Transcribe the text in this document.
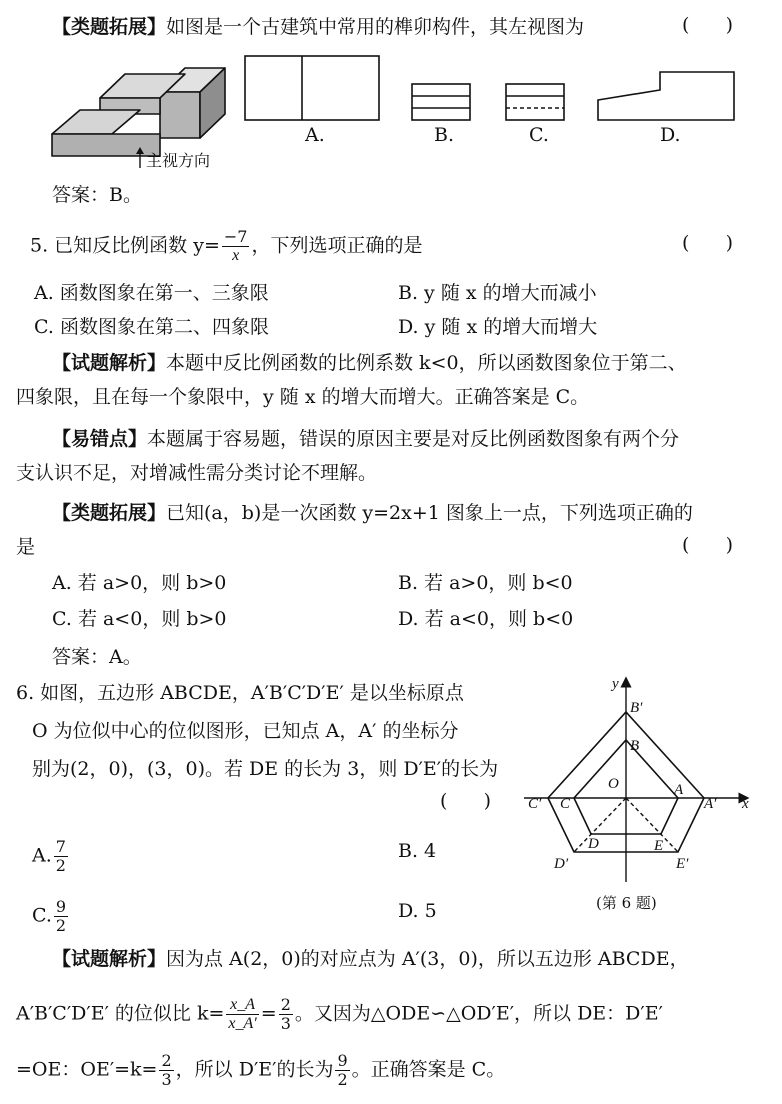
【类题拓展】如图是一个古建筑中常用的榫卯构件，其左视图为	(      )
主视方向
A.	B.	C.	D.
答案：B。
5. 已知反比例函数 $y= \frac{-7}{x}$ ，下列选项正确的是	(      )
A. 函数图象在第一、三象限	B. y 随 x 的增大而减小
C. 函数图象在第二、四象限	D. y 随 x 的增大而增大
【试题解析】本题中反比例函数的比例系数 k<0，所以函数图象位于第二、
四象限，且在每一个象限中，y 随 x 的增大而增大。正确答案是 C。
【易错点】本题属于容易题，错误的原因主要是对反比例函数图象有两个分
支认识不足，对增减性需分类讨论不理解。
【类题拓展】已知(a，b)是一次函数 y=2x+1 图象上一点，下列选项正确的
是	(      )
A. 若 a>0，则 b>0	B. 若 a>0，则 b<0
C. 若 a<0，则 b>0	D. 若 a<0，则 b<0
答案：A。
6. 如图，五边形 ABCDE，A′B′C′D′E′ 是以坐标原点
O 为位似中心的位似图形，已知点 A，A′ 的坐标分
别为(2，0)，(3，0)。若 DE 的长为 3，则 D′E′的长为
(      )
A. $\frac{7}{2}$	B. 4
C. $\frac{9}{2}$	D. 5
y
x
O	A
A′
B
B′
C
C′
D
D′
E
E′
(第 6 题)
【试题解析】因为点 A(2，0)的对应点为 A′(3，0)，所以五边形 ABCDE，
A′B′C′D′E′ 的位似比 $k= \frac{x\_A}{x\_A'} = \frac{2}{3}$ 。又因为△ODE∽△OD′E′，所以 DE：D′E′
=OE：$OE'=k= \frac{2}{3}$ ，所以 D′E′的长为 $\frac{9}{2}$ 。正确答案是 C。
